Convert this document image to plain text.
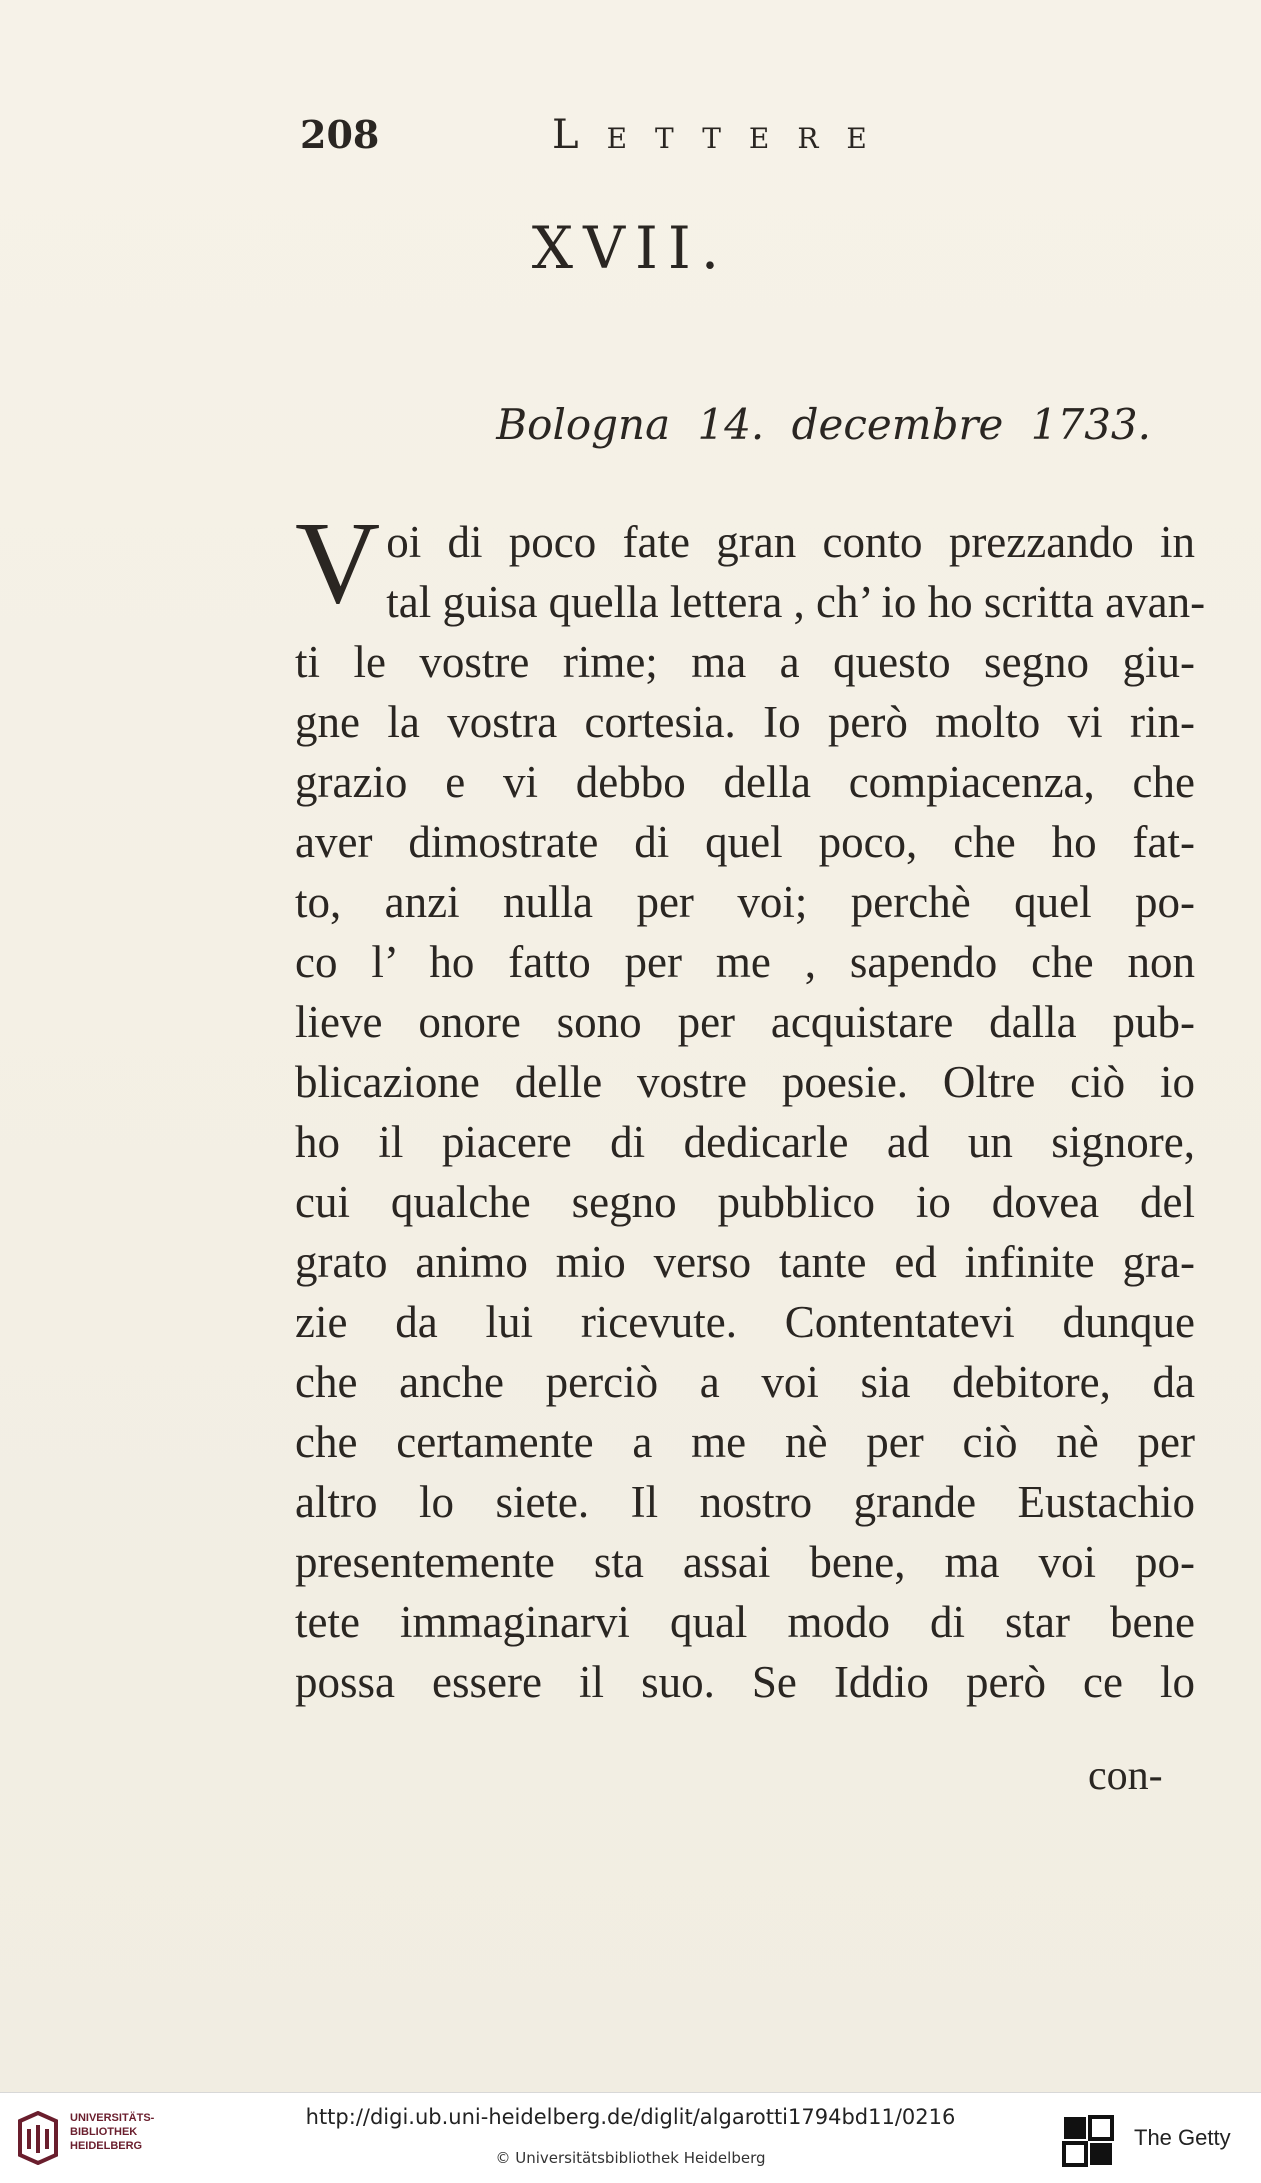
208	Lettere
XVII.
Bologna 14. decembre 1733.
V oi di poco fate gran conto prezzando in
tal guisa quella lettera , ch’ io ho scritta avan-
ti le vostre rime; ma a questo segno giu-
gne la vostra cortesia. Io però molto vi rin-
grazio e vi debbo della compiacenza, che
aver dimostrate di quel poco, che ho fat-
to, anzi nulla per voi; perchè quel po-
co l’ ho fatto per me , sapendo che non
lieve onore sono per acquistare dalla pub-
blicazione delle vostre poesie. Oltre ciò io
ho il piacere di dedicarle ad un signore,
cui qualche segno pubblico io dovea del
grato animo mio verso tante ed infinite gra-
zie da lui ricevute. Contentatevi dunque
che anche perciò a voi sia debitore, da
che certamente a me nè per ciò nè per
altro lo siete. Il nostro grande Eustachio
presentemente sta assai bene, ma voi po-
tete immaginarvi qual modo di star bene
possa essere il suo. Se Iddio però ce lo
con-
UNIVERSITÄTS-
BIBLIOTHEK
HEIDELBERG
http://digi.ub.uni-heidelberg.de/diglit/algarotti1794bd11/0216
© Universitätsbibliothek Heidelberg
The Getty
